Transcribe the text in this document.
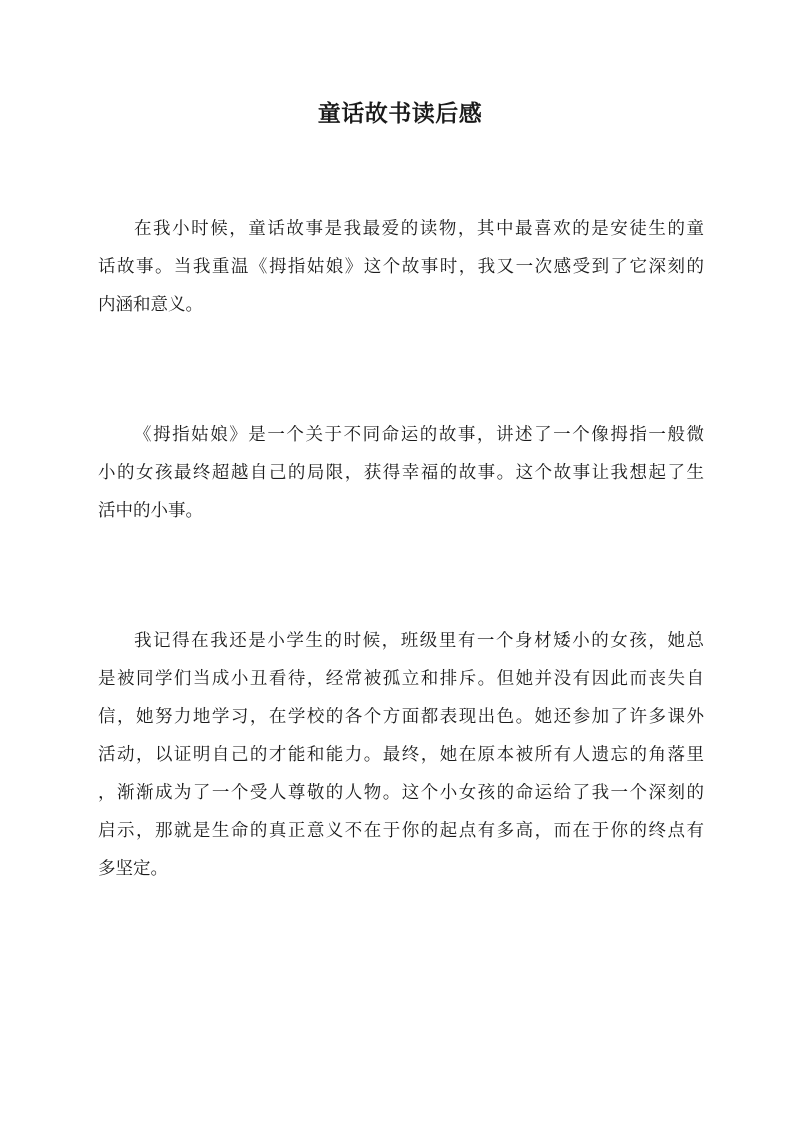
童话故书读后感
在我小时候，童话故事是我最爱的读物，其中最喜欢的是安徒生的童
话故事。当我重温《拇指姑娘》这个故事时，我又一次感受到了它深刻的
内涵和意义。
《拇指姑娘》是一个关于不同命运的故事，讲述了一个像拇指一般微
小的女孩最终超越自己的局限，获得幸福的故事。这个故事让我想起了生
活中的小事。
我记得在我还是小学生的时候，班级里有一个身材矮小的女孩，她总
是被同学们当成小丑看待，经常被孤立和排斥。但她并没有因此而丧失自
信，她努力地学习，在学校的各个方面都表现出色。她还参加了许多课外
活动，以证明自己的才能和能力。最终，她在原本被所有人遗忘的角落里
，渐渐成为了一个受人尊敬的人物。这个小女孩的命运给了我一个深刻的
启示，那就是生命的真正意义不在于你的起点有多高，而在于你的终点有
多坚定。
